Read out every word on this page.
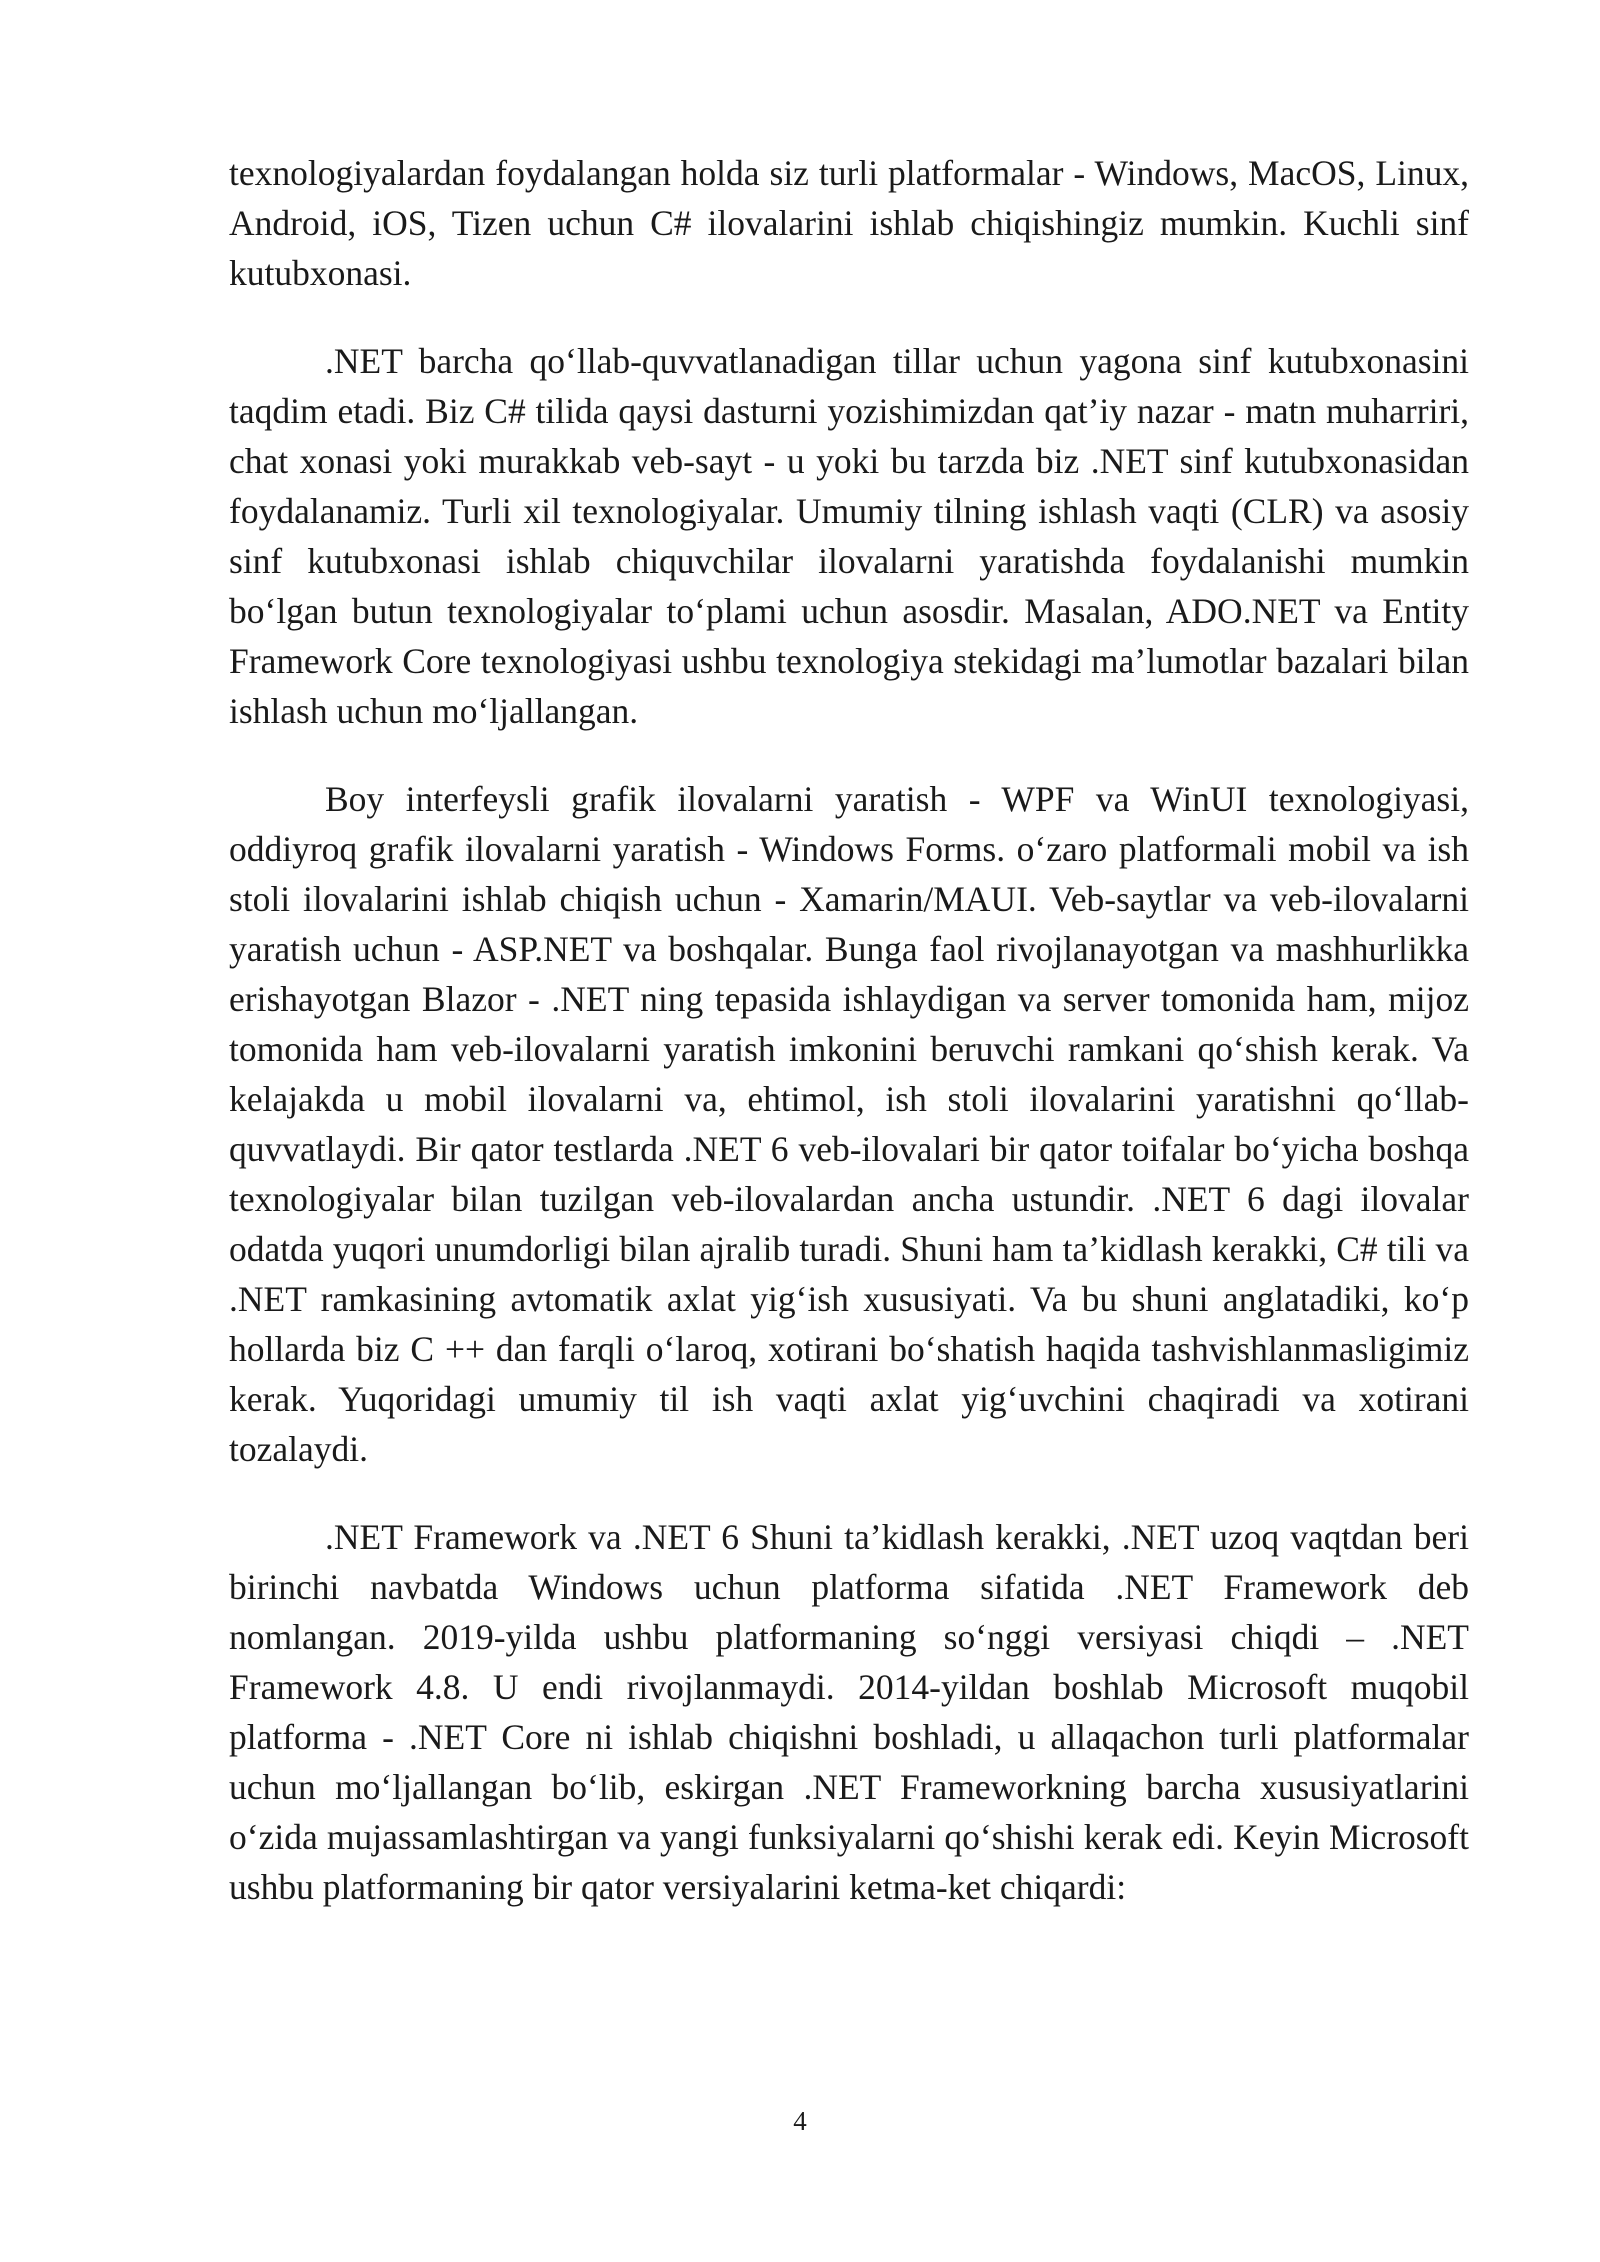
texnologiyalardan foydalangan holda siz turli platformalar - Windows, MacOS, Linux, Android, iOS, Tizen uchun C# ilovalarini ishlab chiqishingiz mumkin. Kuchli sinf kutubxonasi.

.NET barcha qo‘llab-quvvatlanadigan tillar uchun yagona sinf kutubxonasini taqdim etadi. Biz C# tilida qaysi dasturni yozishimizdan qat’iy nazar - matn muharriri, chat xonasi yoki murakkab veb-sayt - u yoki bu tarzda biz .NET sinf kutubxonasidan foydalanamiz. Turli xil texnologiyalar. Umumiy tilning ishlash vaqti (CLR) va asosiy sinf kutubxonasi ishlab chiquvchilar ilovalarni yaratishda foydalanishi mumkin bo‘lgan butun texnologiyalar to‘plami uchun asosdir. Masalan, ADO.NET va Entity Framework Core texnologiyasi ushbu texnologiya stekidagi ma’lumotlar bazalari bilan ishlash uchun mo‘ljallangan.

Boy interfeysli grafik ilovalarni yaratish - WPF va WinUI texnologiyasi, oddiyroq grafik ilovalarni yaratish - Windows Forms. o‘zaro platformali mobil va ish stoli ilovalarini ishlab chiqish uchun - Xamarin/MAUI. Veb-saytlar va veb-ilovalarni yaratish uchun - ASP.NET va boshqalar. Bunga faol rivojlanayotgan va mashhurlikka erishayotgan Blazor - .NET ning tepasida ishlaydigan va server tomonida ham, mijoz tomonida ham veb-ilovalarni yaratish imkonini beruvchi ramkani qo‘shish kerak. Va kelajakda u mobil ilovalarni va, ehtimol, ish stoli ilovalarini yaratishni qo‘llab-quvvatlaydi. Bir qator testlarda .NET 6 veb-ilovalari bir qator toifalar bo‘yicha boshqa texnologiyalar bilan tuzilgan veb-ilovalardan ancha ustundir. .NET 6 dagi ilovalar odatda yuqori unumdorligi bilan ajralib turadi. Shuni ham ta’kidlash kerakki, C# tili va .NET ramkasining avtomatik axlat yig‘ish xususiyati. Va bu shuni anglatadiki, ko‘p hollarda biz C ++ dan farqli o‘laroq, xotirani bo‘shatish haqida tashvishlanmasligimiz kerak. Yuqoridagi umumiy til ish vaqti axlat yig‘uvchini chaqiradi va xotirani tozalaydi.

.NET Framework va .NET 6 Shuni ta’kidlash kerakki, .NET uzoq vaqtdan beri birinchi navbatda Windows uchun platforma sifatida .NET Framework deb nomlangan. 2019-yilda ushbu platformaning so‘nggi versiyasi chiqdi – .NET Framework 4.8. U endi rivojlanmaydi. 2014-yildan boshlab Microsoft muqobil platforma - .NET Core ni ishlab chiqishni boshladi, u allaqachon turli platformalar uchun mo‘ljallangan bo‘lib, eskirgan .NET Frameworkning barcha xususiyatlarini o‘zida mujassamlashtirgan va yangi funksiyalarni qo‘shishi kerak edi. Keyin Microsoft ushbu platformaning bir qator versiyalarini ketma-ket chiqardi:

4
